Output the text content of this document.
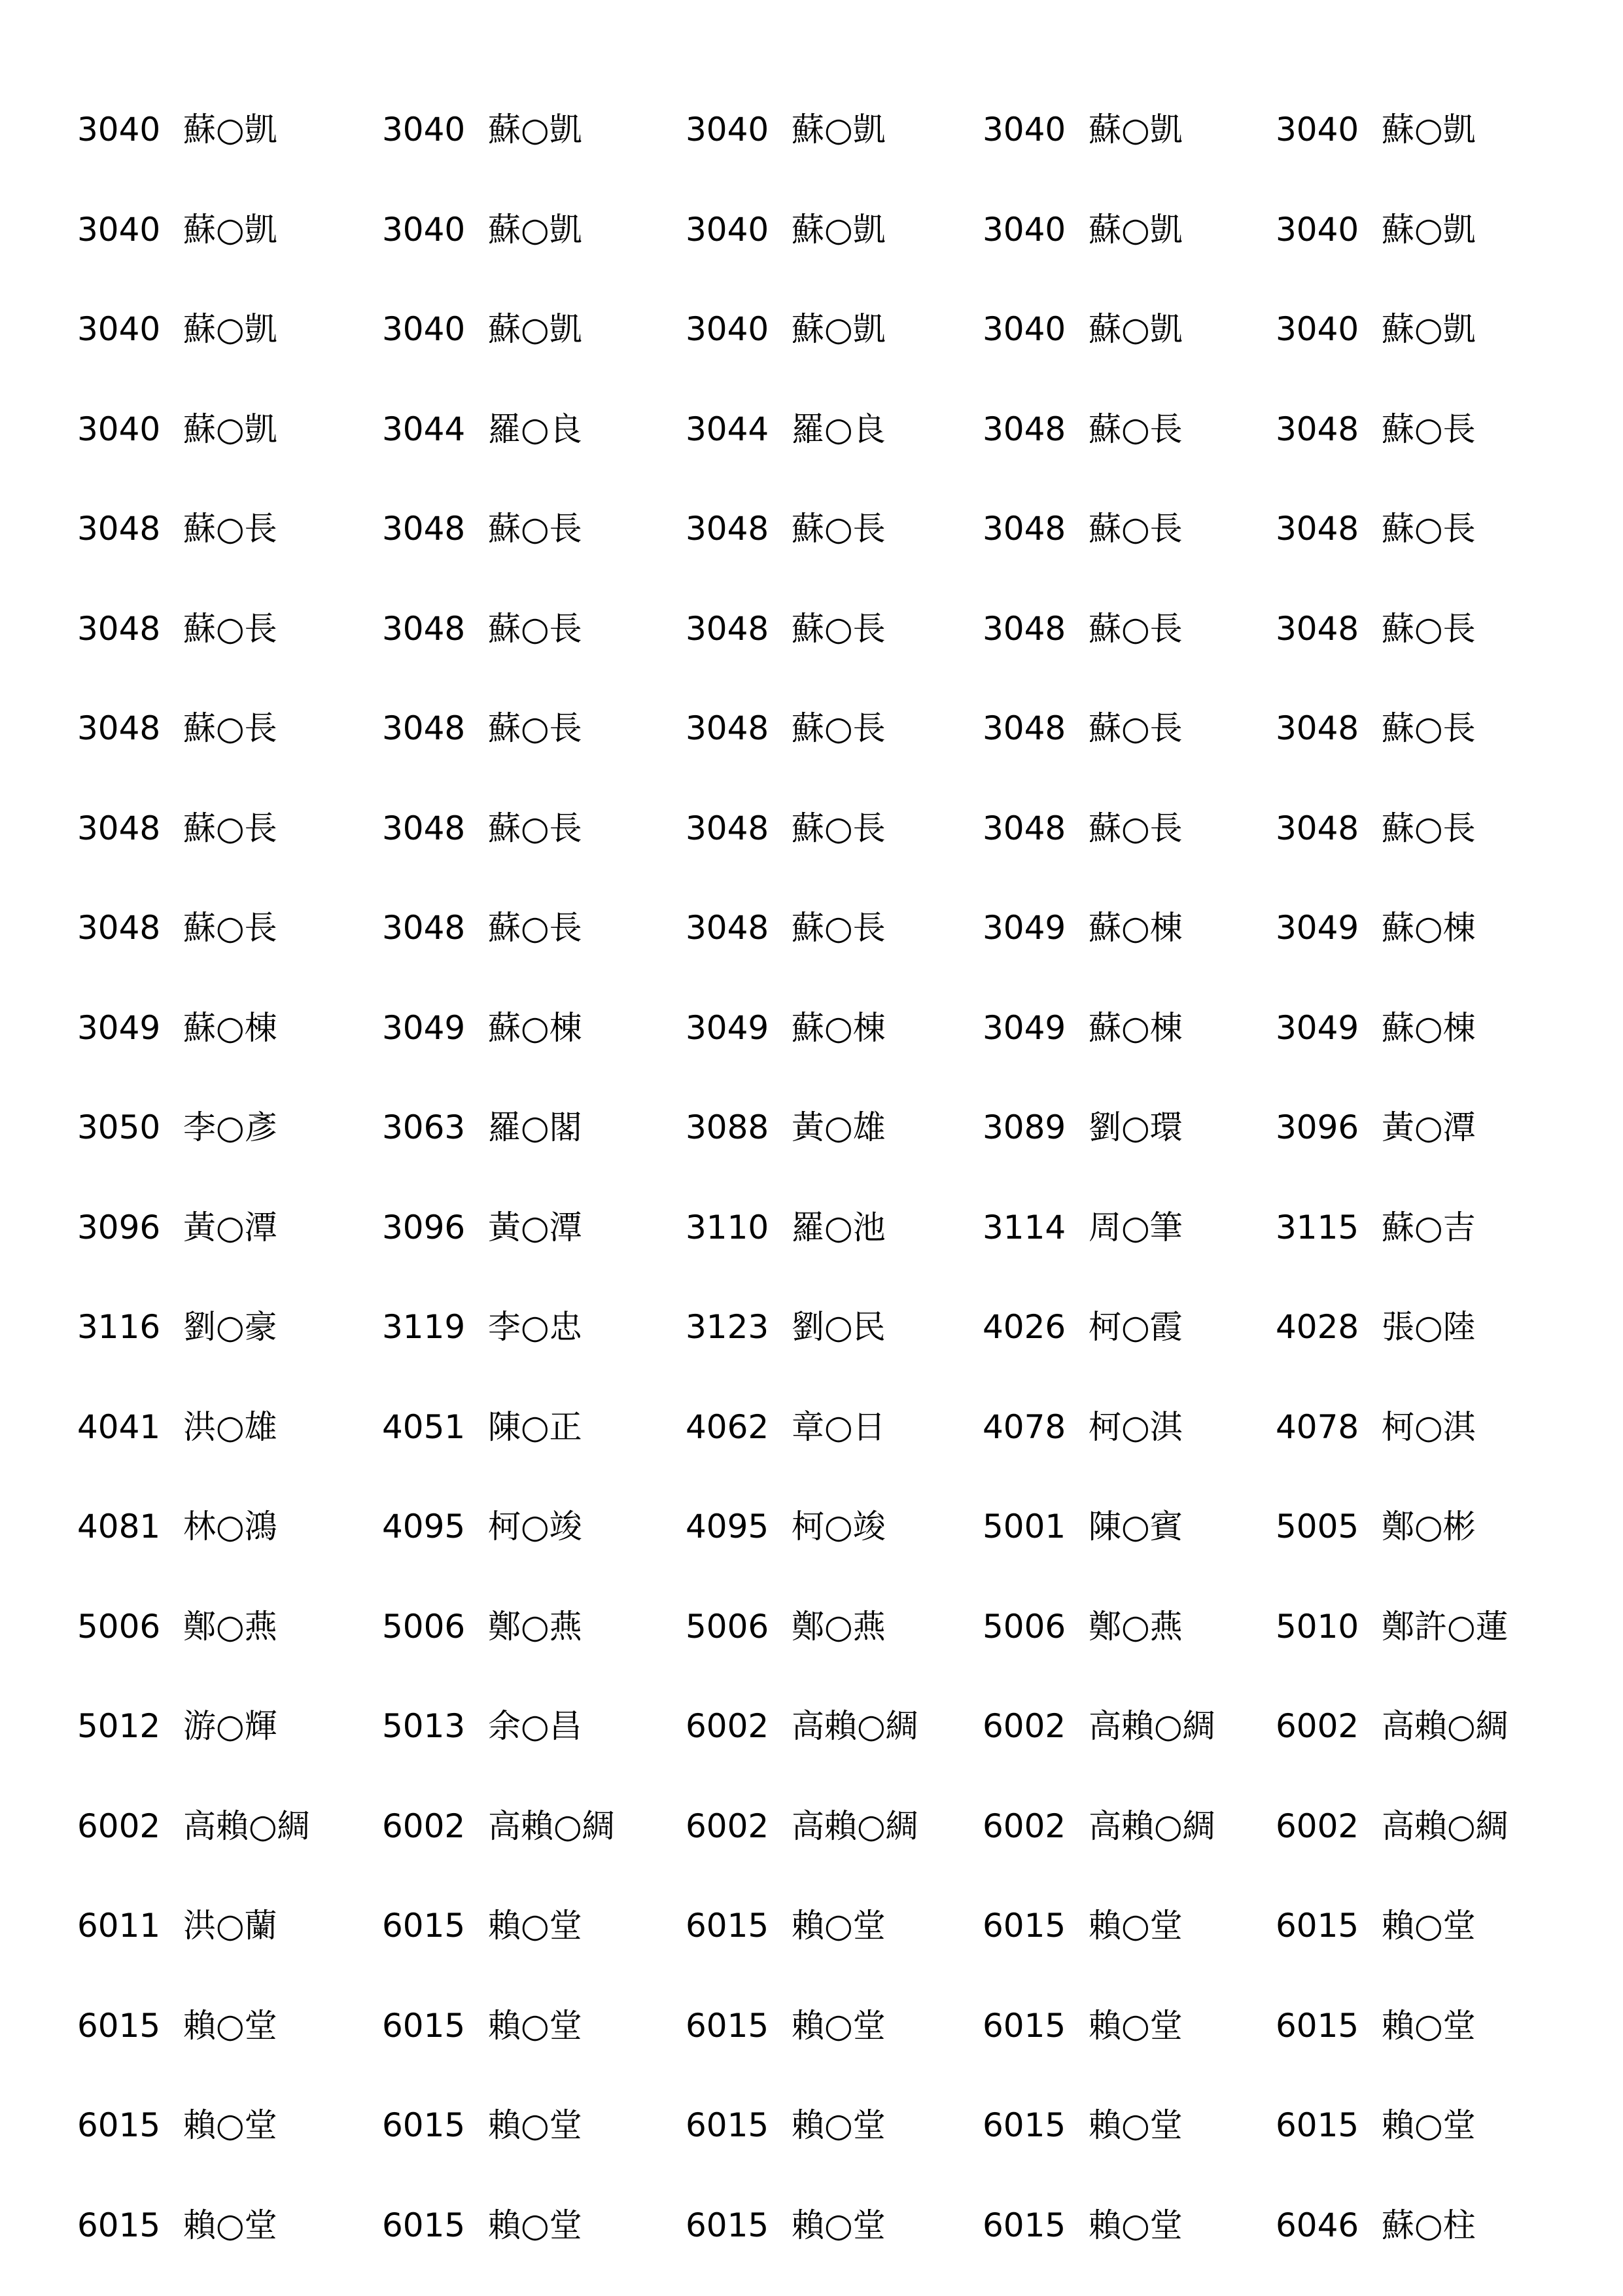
3040 蘇○凱	3040 蘇○凱	3040 蘇○凱	3040 蘇○凱	3040 蘇○凱
3040 蘇○凱	3040 蘇○凱	3040 蘇○凱	3040 蘇○凱	3040 蘇○凱
3040 蘇○凱	3040 蘇○凱	3040 蘇○凱	3040 蘇○凱	3040 蘇○凱
3040 蘇○凱	3044 羅○良	3044 羅○良	3048 蘇○長	3048 蘇○長
3048 蘇○長	3048 蘇○長	3048 蘇○長	3048 蘇○長	3048 蘇○長
3048 蘇○長	3048 蘇○長	3048 蘇○長	3048 蘇○長	3048 蘇○長
3048 蘇○長	3048 蘇○長	3048 蘇○長	3048 蘇○長	3048 蘇○長
3048 蘇○長	3048 蘇○長	3048 蘇○長	3048 蘇○長	3048 蘇○長
3048 蘇○長	3048 蘇○長	3048 蘇○長	3049 蘇○棟	3049 蘇○棟
3049 蘇○棟	3049 蘇○棟	3049 蘇○棟	3049 蘇○棟	3049 蘇○棟
3050 李○彥	3063 羅○閣	3088 黃○雄	3089 劉○環	3096 黃○潭
3096 黃○潭	3096 黃○潭	3110 羅○池	3114 周○筆	3115 蘇○吉
3116 劉○豪	3119 李○忠	3123 劉○民	4026 柯○霞	4028 張○陸
4041 洪○雄	4051 陳○正	4062 章○日	4078 柯○淇	4078 柯○淇
4081 林○鴻	4095 柯○竣	4095 柯○竣	5001 陳○賓	5005 鄭○彬
5006 鄭○燕	5006 鄭○燕	5006 鄭○燕	5006 鄭○燕	5010 鄭許○蓮
5012 游○輝	5013 余○昌	6002 高賴○綢 6002 高賴○綢 6002 高賴○綢
6002 高賴○綢 6002 高賴○綢 6002 高賴○綢 6002 高賴○綢 6002 高賴○綢
6011 洪○蘭	6015 賴○堂	6015 賴○堂	6015 賴○堂	6015 賴○堂
6015 賴○堂	6015 賴○堂	6015 賴○堂	6015 賴○堂	6015 賴○堂
6015 賴○堂	6015 賴○堂	6015 賴○堂	6015 賴○堂	6015 賴○堂
6015 賴○堂	6015 賴○堂	6015 賴○堂	6015 賴○堂	6046 蘇○柱
